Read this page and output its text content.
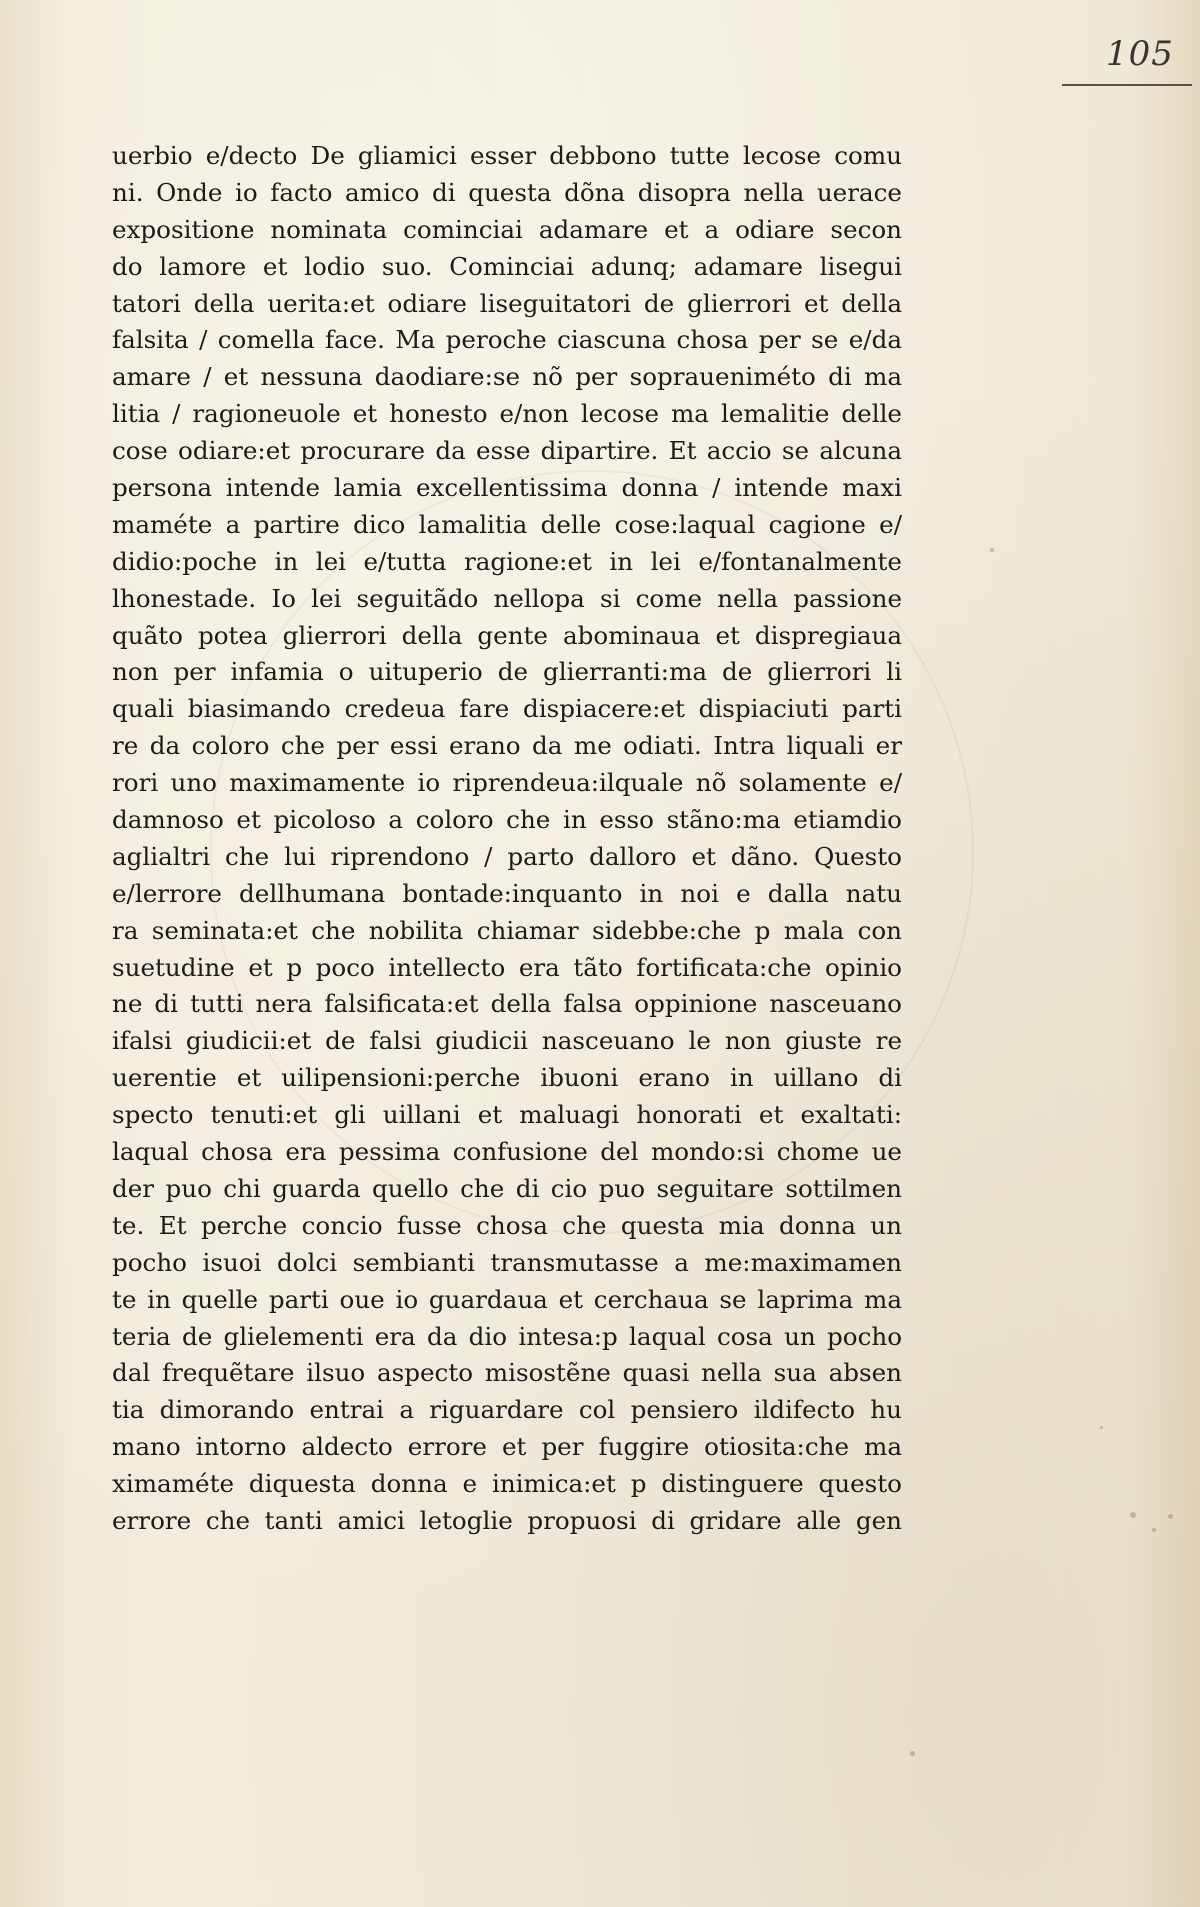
105
uerbio e/decto De gliamici esser debbono tutte lecose comu
ni. Onde io facto amico di questa dõna disopra nella uerace
expositione nominata cominciai adamare et a odiare secon
do lamore et lodio suo. Cominciai adunq; adamare lisegui
tatori della uerita:et odiare liseguitatori de glierrori et della
falsita / comella face. Ma peroche ciascuna chosa per se e/da
amare / et nessuna daodiare:se nõ per sopraueniméto di ma
litia / ragioneuole et honesto e/non lecose ma lemalitie delle
cose odiare:et procurare da esse dipartire. Et accio se alcuna
persona intende lamia excellentissima donna / intende maxi
maméte a partire dico lamalitia delle cose:laqual cagione e/
didio:poche in lei e/tutta ragione:et in lei e/fontanalmente
lhonestade. Io lei seguitãdo nellopa si come nella passione
quãto potea glierrori della gente abominaua et dispregiaua
non per infamia o uituperio de glierranti:ma de glierrori li
quali biasimando credeua fare dispiacere:et dispiaciuti parti
re da coloro che per essi erano da me odiati. Intra liquali er
rori uno maximamente io riprendeua:ilquale nõ solamente e/
damnoso et picoloso a coloro che in esso stãno:ma etiamdio
aglialtri che lui riprendono / parto dalloro et dãno. Questo
e/lerrore dellhumana bontade:inquanto in noi e dalla natu
ra seminata:et che nobilita chiamar sidebbe:che p mala con
suetudine et p poco intellecto era tãto fortificata:che opinio
ne di tutti nera falsificata:et della falsa oppinione nasceuano
ifalsi giudicii:et de falsi giudicii nasceuano le non giuste re
uerentie et uilipensioni:perche ibuoni erano in uillano di
specto tenuti:et gli uillani et maluagi honorati et exaltati:
laqual chosa era pessima confusione del mondo:si chome ue
der puo chi guarda quello che di cio puo seguitare sottilmen
te. Et perche concio fusse chosa che questa mia donna un
pocho isuoi dolci sembianti transmutasse a me:maximamen
te in quelle parti oue io guardaua et cerchaua se laprima ma
teria de glielementi era da dio intesa:p laqual cosa un pocho
dal frequẽtare ilsuo aspecto misostẽne quasi nella sua absen
tia dimorando entrai a riguardare col pensiero ildifecto hu
mano intorno aldecto errore et per fuggire otiosita:che ma
ximaméte diquesta donna e inimica:et p distinguere questo
errore che tanti amici letoglie propuosi di gridare alle gen
